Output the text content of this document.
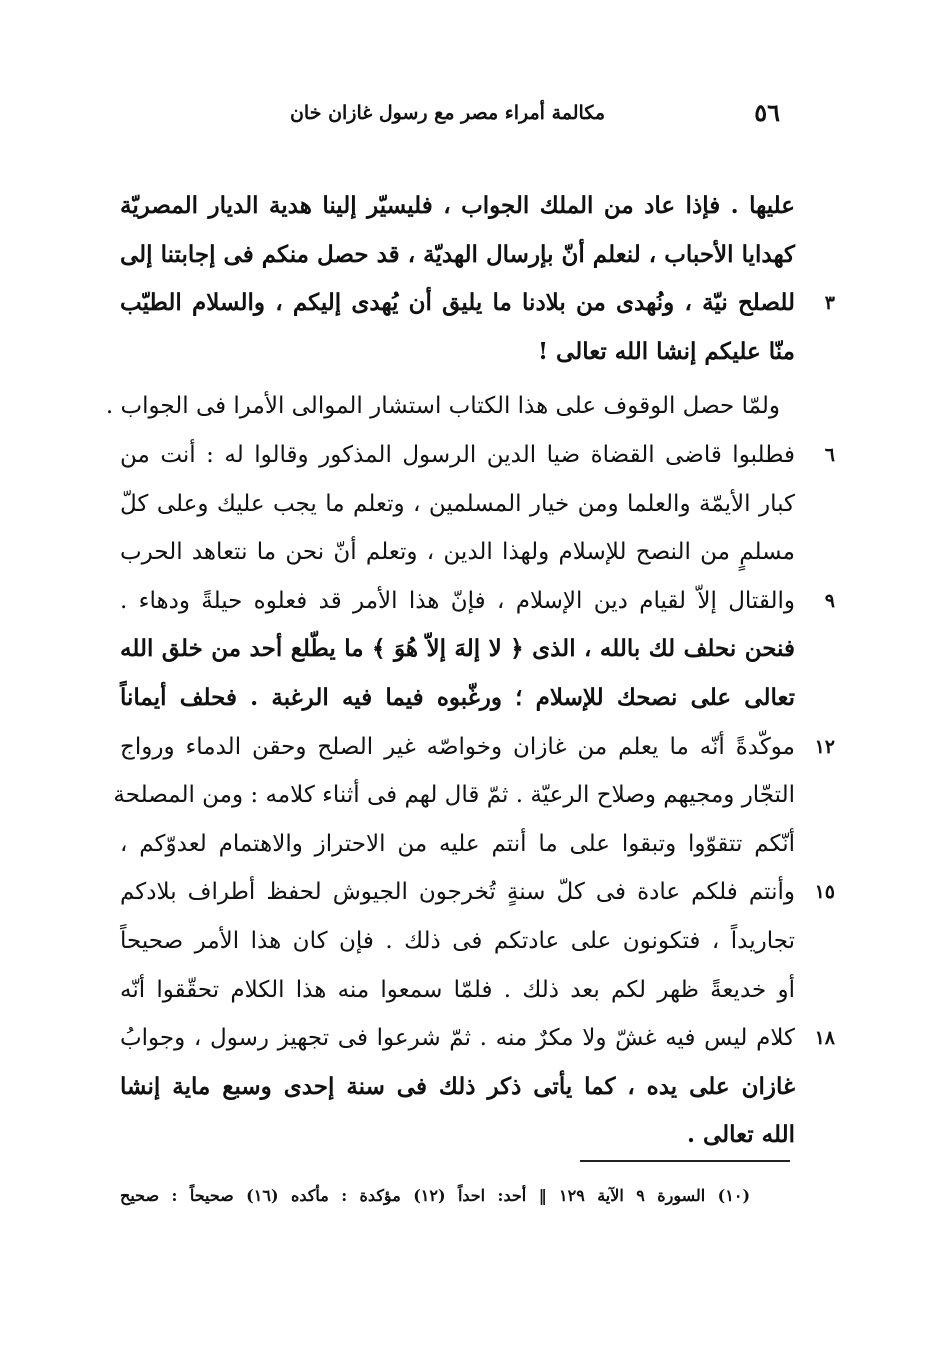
٥٦
مكالمة أمراء مصر مع رسول غازان خان
عليها . فإذا عاد من الملك الجواب ، فليسيّر إلينا هدية الديار المصريّة
كهدايا الأحباب ، لنعلم أنّ بإرسال الهديّة ، قد حصل منكم فى إجابتنا إلى
٣
للصلح نيّة ، ونُهدى من بلادنا ما يليق أن يُهدى إليكم ، والسلام الطيّب
منّا عليكم إنشا الله تعالى !
ولمّا حصل الوقوف على هذا الكتاب استشار الموالى الأمرا فى الجواب .
٦
فطلبوا قاضى القضاة ضيا الدين الرسول المذكور وقالوا له : أنت من
كبار الأيمّة والعلما ومن خيار المسلمين ، وتعلم ما يجب عليك وعلى كلّ
مسلمٍ من النصح للإسلام ولهذا الدين ، وتعلم أنّ نحن ما نتعاهد الحرب
٩
والقتال إلاّ لقيام دين الإسلام ، فإنّ هذا الأمر قد فعلوه حيلةً ودهاء .
فنحن نحلف لك بالله ، الذى ﴿ لا إلهَ إلاّ هُوَ ﴾ ما يطّلع أحد من خلق الله
تعالى على نصحك للإسلام ؛ ورغّبوه فيما فيه الرغبة . فحلف أيماناً
١٢
موكّدةً أنّه ما يعلم من غازان وخواصّه غير الصلح وحقن الدماء ورواج
التجّار ومجيهم وصلاح الرعيّة . ثمّ قال لهم فى أثناء كلامه : ومن المصلحة
أنّكم تتقوّوا وتبقوا على ما أنتم عليه من الاحتراز والاهتمام لعدوّكم ،
١٥
وأنتم فلكم عادة فى كلّ سنةٍ تُخرجون الجيوش لحفظ أطراف بلادكم
تجاريداً ، فتكونون على عادتكم فى ذلك . فإن كان هذا الأمر صحيحاً
أو خديعةً ظهر لكم بعد ذلك . فلمّا سمعوا منه هذا الكلام تحقّقوا أنّه
١٨
كلام ليس فيه غشّ ولا مكرٌ منه . ثمّ شرعوا فى تجهيز رسول ، وجوابُ
غازان على يده ، كما يأتى ذكر ذلك فى سنة إحدى وسبع ماية إنشا
الله تعالى .
(١٠) السورة ٩ الآية ١٢٩ ‖ أحد: احداً (١٢) مؤكدة : مأكده (١٦) صحيحاً : صحيح
